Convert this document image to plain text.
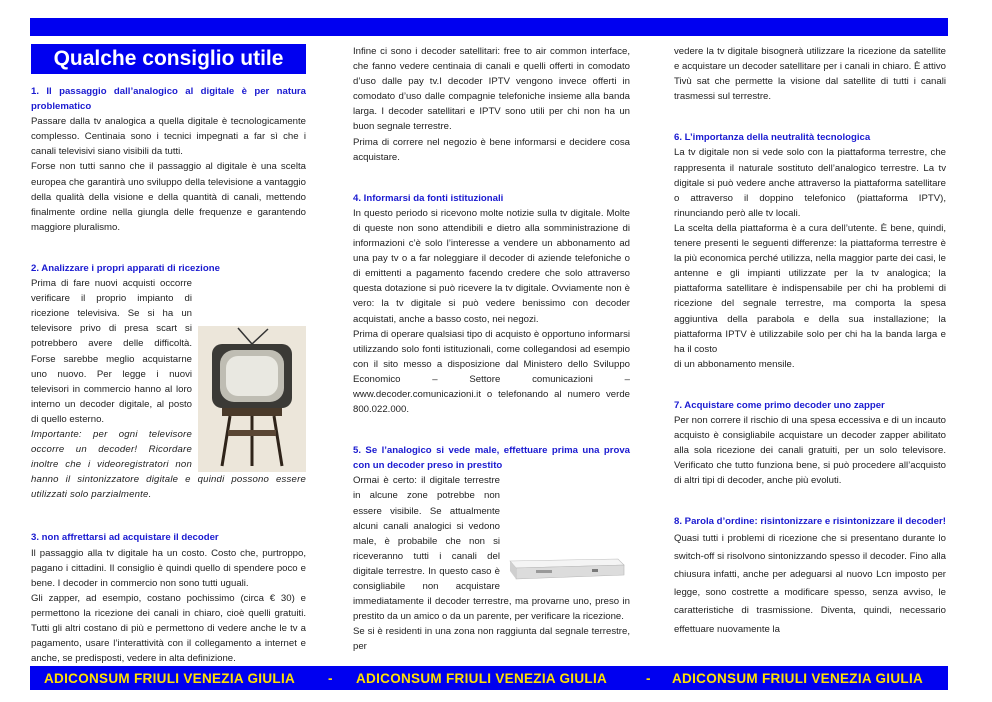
Qualche consiglio utile

1. Il passaggio dall’analogico al digitale è per natura problematico

Passare dalla tv analogica a quella digitale è tecnologicamente complesso. Centinaia sono i tecnici impegnati a far sì che i canali televisivi siano visibili da tutti.

Forse non tutti sanno che il passaggio al digitale è una scelta europea che garantirà uno sviluppo della televisione a vantaggio della qualità della visione e della quantità di canali, mettendo finalmente ordine nella giungla delle frequenze e garantendo maggiore pluralismo.

2. Analizzare i propri apparati di ricezione

Prima di fare nuovi acquisti occorre verificare il proprio impianto di ricezione televisiva. Se si ha un televisore privo di presa scart si potrebbero avere delle difficoltà. Forse sarebbe meglio acquistarne uno nuovo. Per legge i nuovi televisori in commercio hanno al loro interno un decoder digitale, al posto di quello esterno.

Importante: per ogni televisore occorre un decoder! Ricordare inoltre che i videoregistratori non hanno il sintonizzatore digitale e quindi possono essere utilizzati solo parzialmente.

3. non affrettarsi ad acquistare il decoder

Il passaggio alla tv digitale ha un costo. Costo che, purtroppo, pagano i cittadini. Il consiglio è quindi quello di spendere poco e bene. I decoder in commercio non sono tutti uguali.

Gli zapper, ad esempio, costano pochissimo (circa € 30) e permettono la ricezione dei canali in chiaro, cioè quelli gratuiti. Tutti gli altri costano di più e permettono di vedere anche le tv a pagamento, usare l’interattività con il collegamento a internet e anche, se predisposti, vedere in alta definizione.

Infine ci sono i decoder satellitari: free to air common interface, che fanno vedere centinaia di canali e quelli offerti in comodato d’uso dalle pay tv.I decoder IPTV vengono invece offerti in comodato d’uso dalle compagnie telefoniche insieme alla banda larga. I decoder satellitari e IPTV sono utili per chi non ha un buon segnale terrestre.

Prima di correre nel negozio è bene informarsi e decidere cosa acquistare.

4. Informarsi da fonti istituzionali

In questo periodo si ricevono molte notizie sulla tv digitale. Molte di queste non sono attendibili e dietro alla somministrazione di informazioni c’è solo l’interesse a vendere un abbonamento ad una pay tv o a far noleggiare il decoder di aziende telefoniche o di emittenti a pagamento facendo credere che solo attraverso questa dotazione si può ricevere la tv digitale. Ovviamente non è vero: la tv digitale si può vedere benissimo con decoder acquistati, anche a basso costo, nei negozi.

Prima di operare qualsiasi tipo di acquisto è opportuno informarsi utilizzando solo fonti istituzionali, come collegandosi ad esempio con il sito messo a disposizione dal Ministero dello Sviluppo Economico – Settore comunicazioni – www.decoder.comunicazioni.it o telefonando al numero verde 800.022.000.

5. Se l’analogico si vede male, effettuare prima una prova con un decoder preso in prestito

Ormai è certo: il digitale terrestre in alcune zone potrebbe non essere visibile. Se attualmente alcuni canali analogici si vedono male, è probabile che non si riceveranno tutti i canali del digitale terrestre. In questo caso è consigliabile non acquistare immediatamente il decoder terrestre, ma provarne uno, preso in prestito da un amico o da un parente, per verificare la ricezione.

Se si è residenti in una zona non raggiunta dal segnale terrestre, per

vedere la tv digitale bisognerà utilizzare la ricezione da satellite e acquistare un decoder satellitare per i canali in chiaro. È attivo Tivù sat che permette la visione dal satellite di tutti i canali trasmessi sul terrestre.

6. L’importanza della neutralità tecnologica

La tv digitale non si vede solo con la piattaforma terrestre, che rappresenta il naturale sostituto dell’analogico terrestre. La tv digitale si può vedere anche attraverso la piattaforma satellitare o attraverso il doppino telefonico (piattaforma IPTV), rinunciando però alle tv locali.

La scelta della piattaforma è a cura dell’utente. È bene, quindi, tenere presenti le seguenti differenze: la piattaforma terrestre è la più economica perché utilizza, nella maggior parte dei casi, le antenne e gli impianti utilizzate per la tv analogica; la piattaforma satellitare è indispensabile per chi ha problemi di ricezione del segnale terrestre, ma comporta la spesa aggiuntiva della parabola e della sua installazione; la piattaforma IPTV è utilizzabile solo per chi ha la banda larga e ha il costo

di un abbonamento mensile.

7. Acquistare come primo decoder uno zapper

Per non correre il rischio di una spesa eccessiva e di un incauto acquisto è consigliabile acquistare un decoder zapper abilitato alla sola ricezione dei canali gratuiti, per un solo televisore. Verificato che tutto funziona bene, si può procedere all’acquisto di altri tipi di decoder, anche più evoluti.

8. Parola d’ordine: risintonizzare e risintonizzare il decoder!

Quasi tutti i problemi di ricezione che si presentano durante lo switch-off si risolvono sintonizzando spesso il decoder. Fino alla chiusura infatti, anche per adeguarsi al nuovo Lcn imposto per legge, sono costrette a modificare spesso, senza avviso, le caratteristiche di trasmissione. Diventa, quindi, necessario effettuare nuovamente la

ADICONSUM FRIULI VENEZIA GIULIA - ADICONSUM FRIULI VENEZIA GIULIA	- ADICONSUM FRIULI VENEZIA GIULIA
